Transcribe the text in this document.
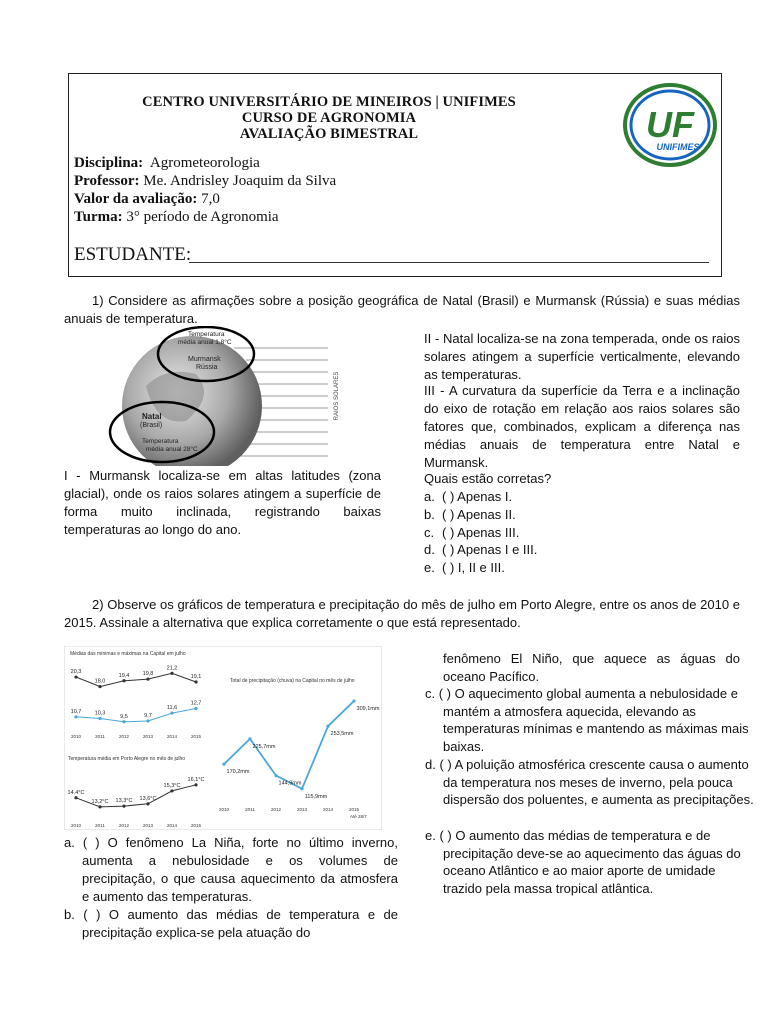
CENTRO UNIVERSITÁRIO DE MINEIROS | UNIFIMES
CURSO DE AGRONOMIA
AVALIAÇÃO BIMESTRAL
Disciplina: Agrometeorologia
Professor: Me. Andrisley Joaquim da Silva
Valor da avaliação: 7,0
Turma: 3° período de Agronomia
ESTUDANTE:
UF
UNIFIMES
1) Considere as afirmações sobre a posição geográfica de Natal (Brasil) e Murmansk (Rússia) e suas médias anuais de temperatura.
RAIOS SOLARES
Temperatura
média anual 1,8°C
Murmansk
Rússia
Natal
(Brasil)
Temperatura
média anual 28°C
I - Murmansk localiza-se em altas latitudes (zona glacial), onde os raios solares atingem a superfície de forma muito inclinada, registrando baixas temperaturas ao longo do ano.
II - Natal localiza-se na zona temperada, onde os raios solares atingem a superfície verticalmente, elevando as temperaturas.
III - A curvatura da superfície da Terra e a inclinação do eixo de rotação em relação aos raios solares são fatores que, combinados, explicam a diferença nas médias anuais de temperatura entre Natal e Murmansk.
Quais estão corretas?
a. ( ) Apenas I.
b. ( ) Apenas II.
c. ( ) Apenas III.
d. ( ) Apenas I e III.
e. ( ) I, II e III.
2) Observe os gráficos de temperatura e precipitação do mês de julho em Porto Alegre, entre os anos de 2010 e 2015. Assinale a alternativa que explica corretamente o que está representado.
Médias das mínimas e máximas na Capital em julho
Temperatura média em Porto Alegre no mês de julho
Total de precipitação (chuva) na Capital no mês de julho
Até 28/7
20,3
18,0
19,4 19,8
21,2
19,1
10,7 10,3
9,5	9,7
11,6
12,7
2010	2011	2012	2013	2014	2015
14,4°C
13,2°C 13,3°C 13,6°C
15,3°C
16,1°C
2010	2011	2012	2013	2014	2015
170,2mm
225,7mm
144,9mm
115,9mm
253,5mm
309,1mm
2010	2011	2012	2013	2014	2015
a. ( ) O fenômeno La Niña, forte no último inverno, aumenta a nebulosidade e os volumes de precipitação, o que causa aquecimento da atmosfera e aumento das temperaturas.
b. ( ) O aumento das médias de temperatura e de precipitação explica-se pela atuação do
fenômeno El Niño, que aquece as águas do oceano Pacífico.
c. ( ) O aquecimento global aumenta a nebulosidade e mantém a atmosfera aquecida, elevando as temperaturas mínimas e mantendo as máximas mais baixas.
d. ( ) A poluição atmosférica crescente causa o aumento da temperatura nos meses de inverno, pela pouca dispersão dos poluentes, e aumenta as precipitações.
e. ( ) O aumento das médias de temperatura e de precipitação deve-se ao aquecimento das águas do oceano Atlântico e ao maior aporte de umidade trazido pela massa tropical atlântica.
